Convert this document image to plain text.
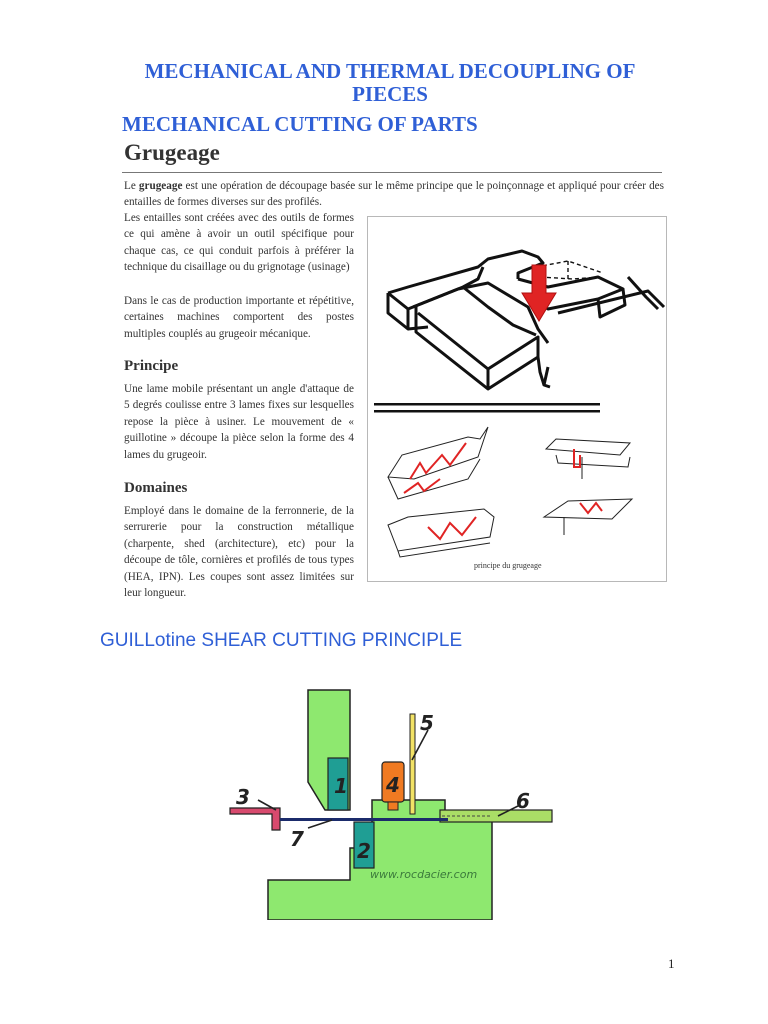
MECHANICAL AND THERMAL DECOUPLING OF PIECES
MECHANICAL CUTTING OF PARTS
Grugeage
Le grugeage est une opération de découpage basée sur le même principe que le poinçonnage et appliqué pour créer des entailles de formes diverses sur des profilés.
Les entailles sont créées avec des outils de formes ce qui amène à avoir un outil spécifique pour chaque cas, ce qui conduit parfois à préférer la technique du cisaillage ou du grignotage (usinage)
Dans le cas de production importante et répétitive, certaines machines comportent des postes multiples couplés au grugeoir mécanique.
Principe
Une lame mobile présentant un angle d'attaque de 5 degrés coulisse entre 3 lames fixes sur lesquelles repose la pièce à usiner. Le mouvement de « guillotine » découpe la pièce selon la forme des 4 lames du grugeoir.
Domaines
Employé dans le domaine de la ferronnerie, de la serrurerie pour la construction métallique (charpente, shed (architecture), etc) pour la découpe de tôle, cornières et profilés de tous types (HEA, IPN). Les coupes sont assez limitées sur leur longueur.
principe du grugeage
GUILLotine SHEAR CUTTING PRINCIPLE
1
2
3	4
5
6
7
www.rocdacier.com
1
